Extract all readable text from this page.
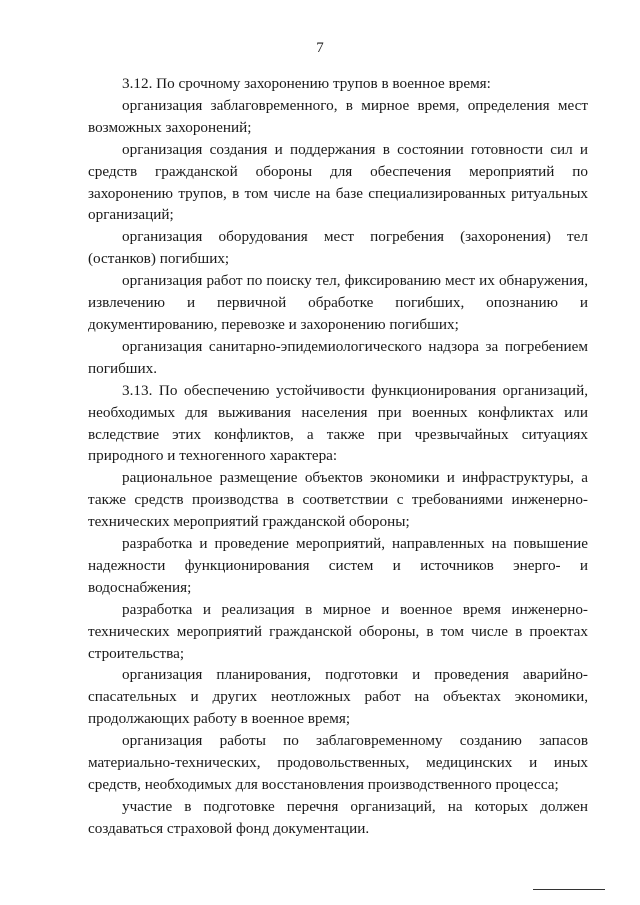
7

3.12. По срочному захоронению трупов в военное время:

организация заблаговременного, в мирное время, определения мест возможных захоронений;

организация создания и поддержания в состоянии готовности сил и средств гражданской обороны для обеспечения мероприятий по захоронению трупов, в том числе на базе специализированных ритуальных организаций;

организация оборудования мест погребения (захоронения) тел (останков) погибших;

организация работ по поиску тел, фиксированию мест их обнаружения, извлечению и первичной обработке погибших, опознанию и документированию, перевозке и захоронению погибших;

организация санитарно-эпидемиологического надзора за погребением погибших.

3.13. По обеспечению устойчивости функционирования организаций, необходимых для выживания населения при военных конфликтах или вследствие этих конфликтов, а также при чрезвычайных ситуациях природного и техногенного характера:

рациональное размещение объектов экономики и инфраструктуры, а также средств производства в соответствии с требованиями инженерно-технических мероприятий гражданской обороны;

разработка и проведение мероприятий, направленных на повышение надежности функционирования систем и источников энерго- и водоснабжения;

разработка и реализация в мирное и военное время инженерно-технических мероприятий гражданской обороны, в том числе в проектах строительства;

организация планирования, подготовки и проведения аварийно-спасательных и других неотложных работ на объектах экономики, продолжающих работу в военное время;

организация работы по заблаговременному созданию запасов материально-технических, продовольственных, медицинских и иных средств, необходимых для восстановления производственного процесса;

участие в подготовке перечня организаций, на которых должен создаваться страховой фонд документации.
